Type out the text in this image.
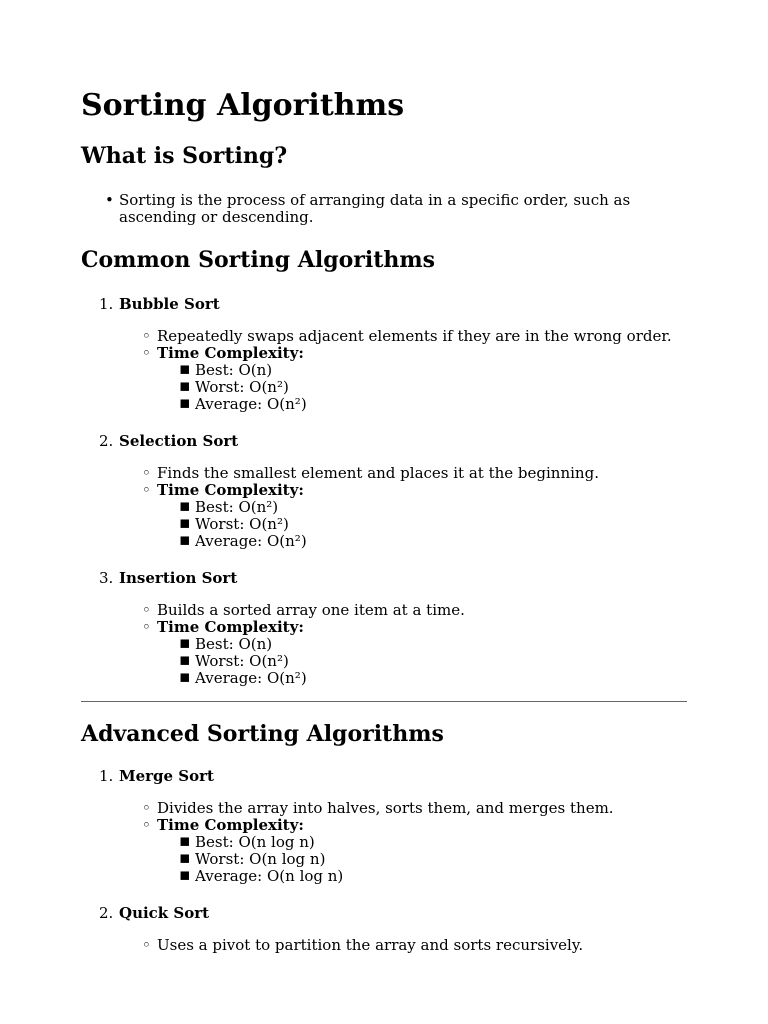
Sorting Algorithms
What is Sorting?
• Sorting is the process of arranging data in a specific order, such as ascending or descending.
Common Sorting Algorithms
1. Bubble Sort
◦ Repeatedly swaps adjacent elements if they are in the wrong order.
◦ Time Complexity:
▪ Best: O(n)
▪ Worst: O(n²)
▪ Average: O(n²)
2. Selection Sort
◦ Finds the smallest element and places it at the beginning.
◦ Time Complexity:
▪ Best: O(n²)
▪ Worst: O(n²)
▪ Average: O(n²)
3. Insertion Sort
◦ Builds a sorted array one item at a time.
◦ Time Complexity:
▪ Best: O(n)
▪ Worst: O(n²)
▪ Average: O(n²)
Advanced Sorting Algorithms
1. Merge Sort
◦ Divides the array into halves, sorts them, and merges them.
◦ Time Complexity:
▪ Best: O(n log n)
▪ Worst: O(n log n)
▪ Average: O(n log n)
2. Quick Sort
◦ Uses a pivot to partition the array and sorts recursively.
